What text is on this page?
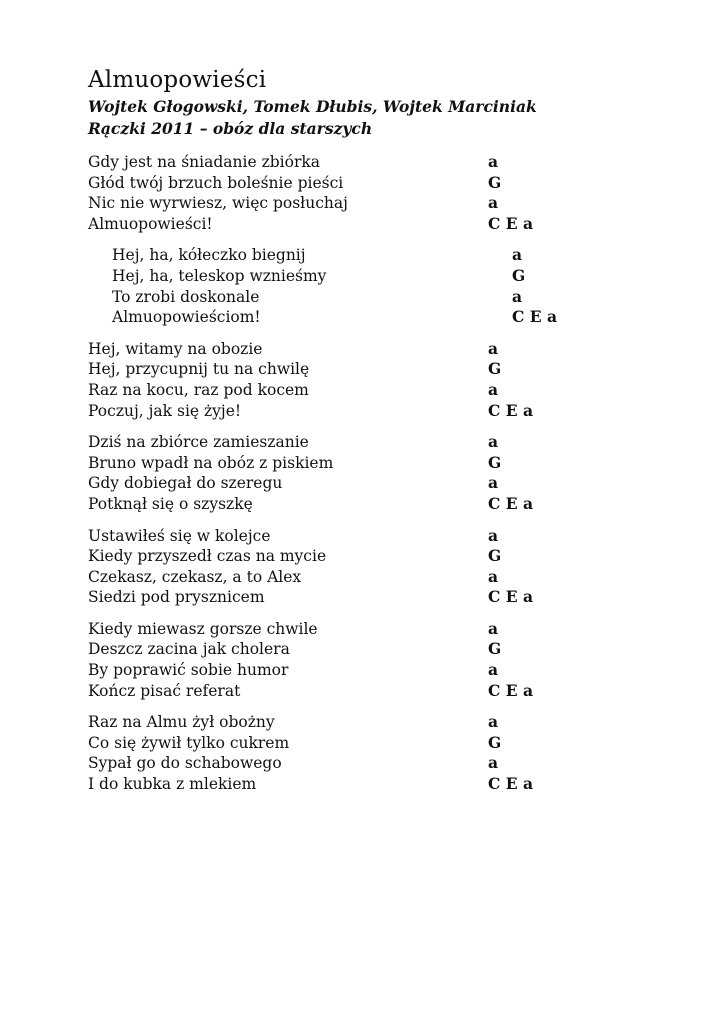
Almuopowieści

Wojtek Głogowski, Tomek Dłubis, Wojtek Marciniak

Rączki 2011 – obóz dla starszych

Gdy jest na śniadanie zbiórka	a
Głód twój brzuch boleśnie pieści	G
Nic nie wyrwiesz, więc posłuchaj	a
Almuopowieści!	C E a
Hej, ha, kółeczko biegnij	a
Hej, ha, teleskop wznieśmy	G
To zrobi doskonale	a
Almuopowieściom!	C E a
Hej, witamy na obozie	a
Hej, przycupnij tu na chwilę	G
Raz na kocu, raz pod kocem	a
Poczuj, jak się żyje!	C E a
Dziś na zbiórce zamieszanie	a
Bruno wpadł na obóz z piskiem	G
Gdy dobiegał do szeregu	a
Potknął się o szyszkę	C E a
Ustawiłeś się w kolejce	a
Kiedy przyszedł czas na mycie	G
Czekasz, czekasz, a to Alex	a
Siedzi pod prysznicem	C E a
Kiedy miewasz gorsze chwile	a
Deszcz zacina jak cholera	G
By poprawić sobie humor	a
Kończ pisać referat	C E a
Raz na Almu żył obożny	a
Co się żywił tylko cukrem	G
Sypał go do schabowego	a
I do kubka z mlekiem	C E a
